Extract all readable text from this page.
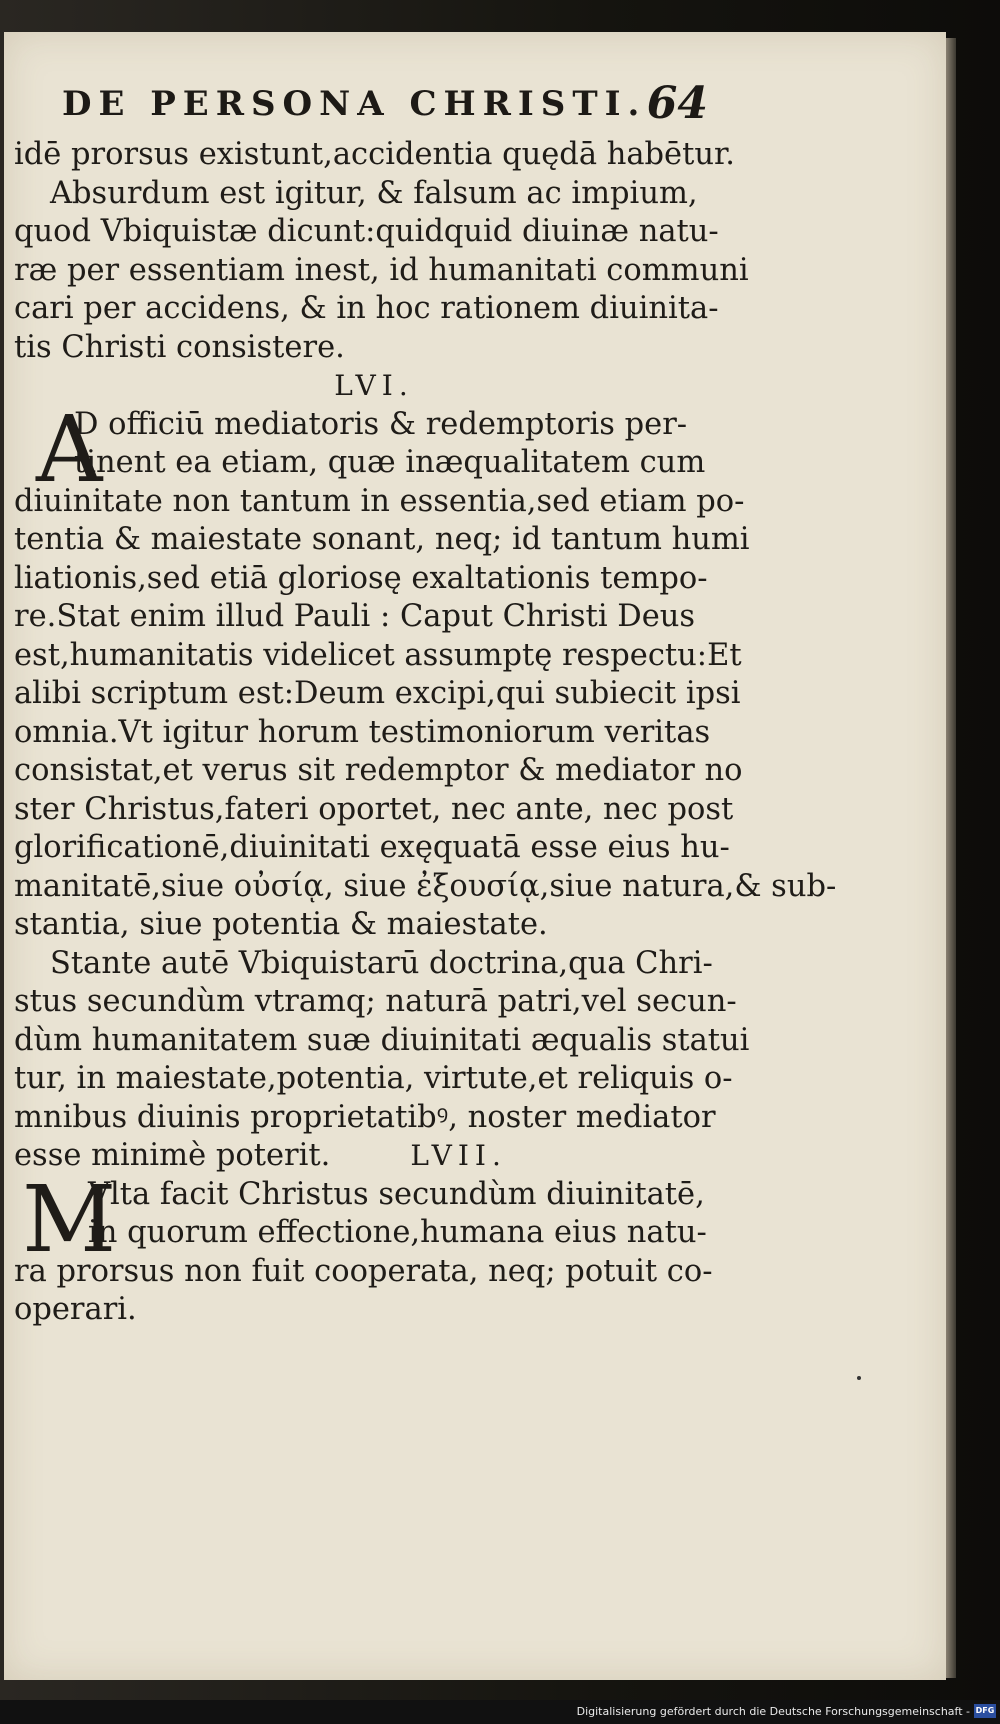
DE PERSONA CHRISTI. 64
idē prorsus existunt,accidentia quędā habētur.
Absurdum est igitur, & falsum ac impium,
quod Vbiquistæ dicunt:quidquid diuinæ natu-
ræ per essentiam inest, id humanitati communi
cari per accidens, & in hoc rationem diuinita-
tis Christi consistere.
LVI.
A
D officiū mediatoris & redemptoris per-
tinent ea etiam, quæ inæqualitatem cum
diuinitate non tantum in essentia,sed etiam po-
tentia & maiestate sonant, neq; id tantum humi
liationis,sed etiā gloriosę exaltationis tempo-
re.Stat enim illud Pauli : Caput Christi Deus
est,humanitatis videlicet assumptę respectu:Et
alibi scriptum est:Deum excipi,qui subiecit ipsi
omnia.Vt igitur horum testimoniorum veritas
consistat,et verus sit redemptor & mediator no
ster Christus,fateri oportet, nec ante, nec post
glorificationē,diuinitati exęquatā esse eius hu-
manitatē,siue οὐσίᾳ, siue ἐξουσίᾳ,siue natura,& sub-
stantia, siue potentia & maiestate.
Stante autē Vbiquistarū doctrina,qua Chri-
stus secundùm vtramq; naturā patri,vel secun-
dùm humanitatem suæ diuinitati æqualis statui
tur, in maiestate,potentia, virtute,et reliquis o-
mnibus diuinis proprietatibꝰ, noster mediator
esse minimè poterit.	LVII.
M
Vlta facit Christus secundùm diuinitatē,
in quorum effectione,humana eius natu-
ra prorsus non fuit cooperata, neq; potuit co-
operari.
Digitalisierung gefördert durch die Deutsche Forschungsgemeinschaft - DFG
